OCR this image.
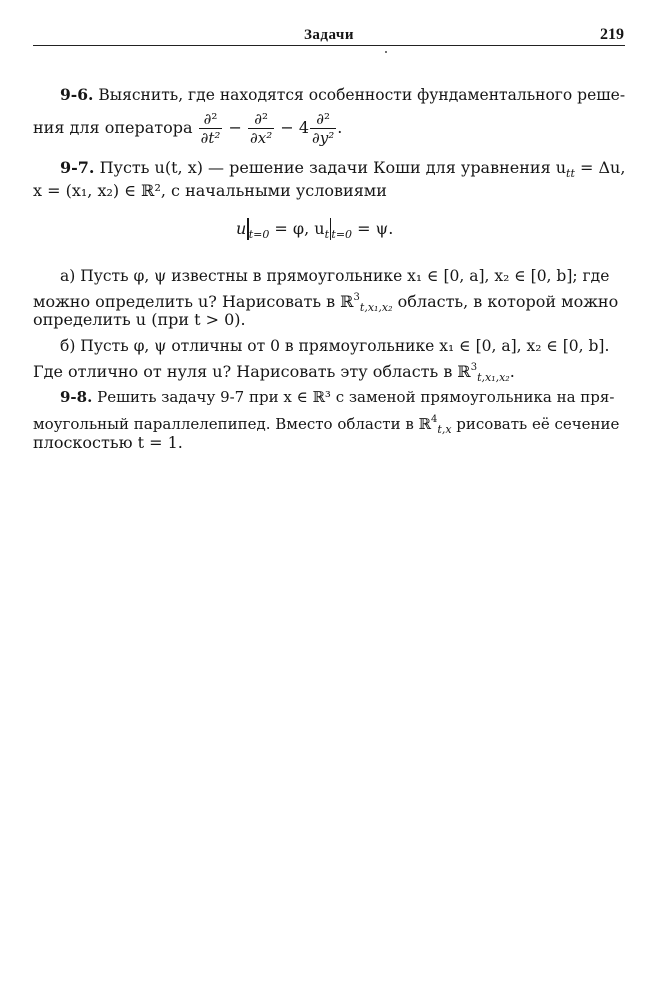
Задачи	219
9-6. Выяснить, где находятся особенности фундаментального реше-
ния для оператора $\frac{\text{∂²}}{\text{∂t²}} - \frac{\text{∂²}}{\text{∂x²}} - 4 \frac{\text{∂²}}{\text{∂y²}}$ .
9-7. Пусть u(t, x) — решение задачи Коши для уравнения $u_{tt} = \Delta u$,
x = (x₁, x₂) ∈ ℝ², с начальными условиями
u $_{t=0}$ = φ, $u_t$ $_{t=0}$ = ψ.
а) Пусть φ, ψ известны в прямоугольнике x₁ ∈ [0, a], x₂ ∈ [0, b]; где
можно определить u? Нарисовать в ℝ$^3_{t,x_1,x_2}$ область, в которой можно
определить u (при t > 0).
б) Пусть φ, ψ отличны от 0 в прямоугольнике x₁ ∈ [0, a], x₂ ∈ [0, b].
Где отлично от нуля u? Нарисовать эту область в ℝ$^3_{t,x_1,x_2}$.
9-8. Решить задачу 9-7 при x ∈ ℝ³ с заменой прямоугольника на пря-
моугольный параллелепипед. Вместо области в ℝ$^4_{t,x}$ рисовать её сечение
плоскостью t = 1.
